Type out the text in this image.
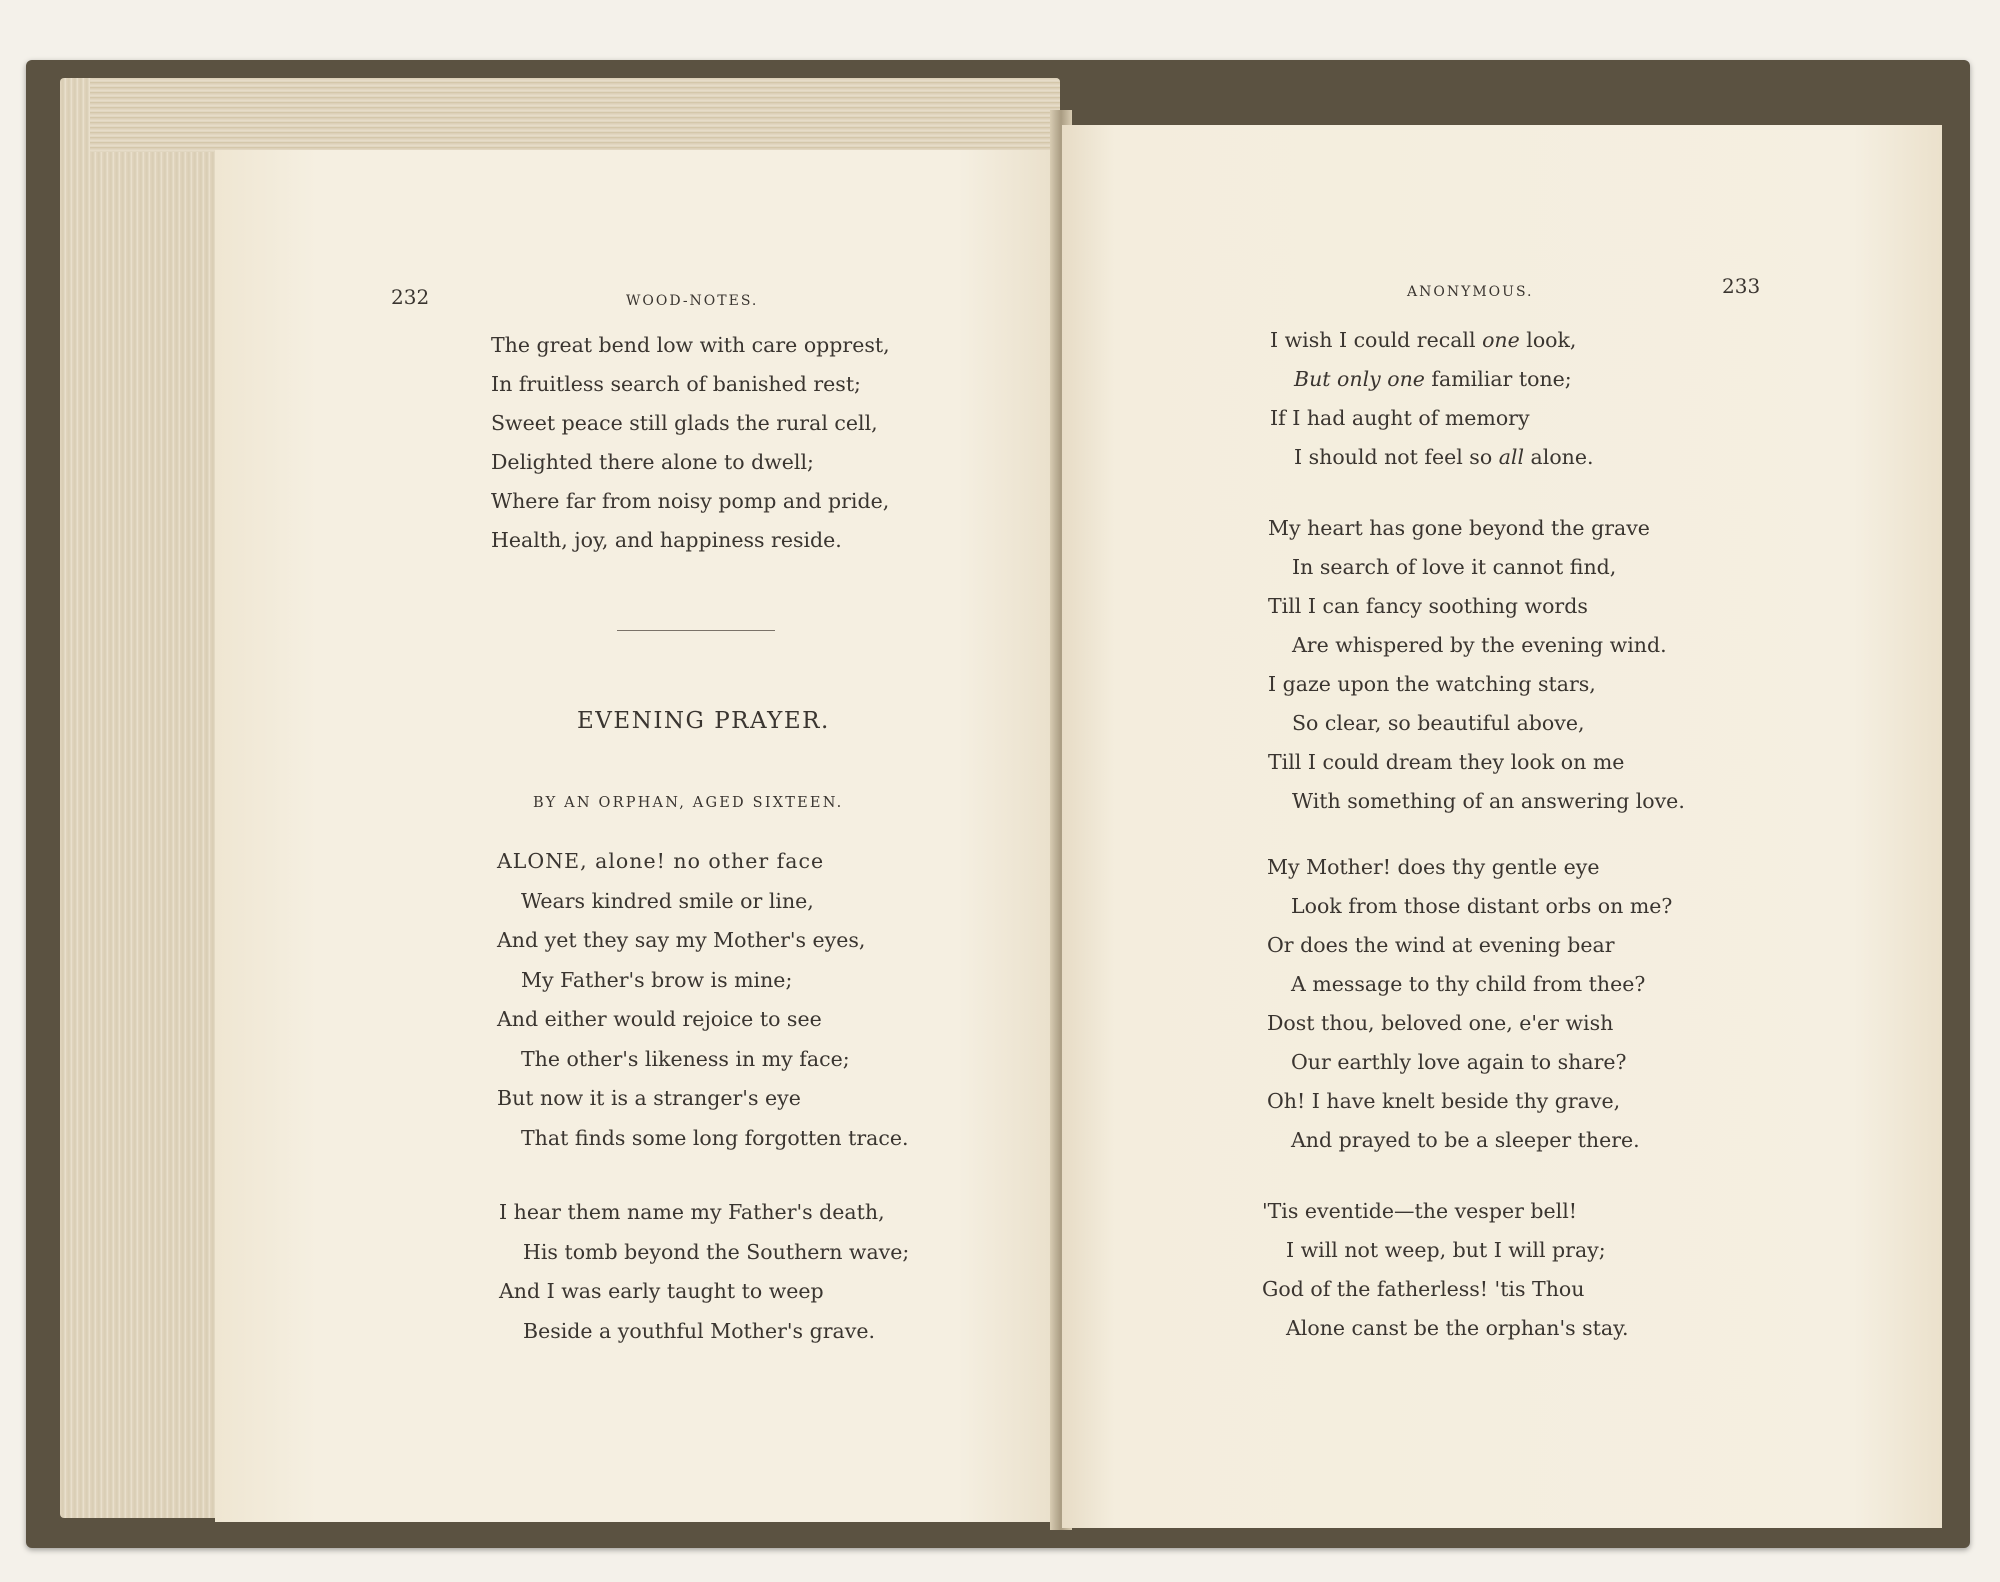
232	WOOD-NOTES.
The great bend low with care opprest,
In fruitless search of banished rest;
Sweet peace still glads the rural cell,
Delighted there alone to dwell;
Where far from noisy pomp and pride,
Health, joy, and happiness reside.
EVENING PRAYER.
BY AN ORPHAN, AGED SIXTEEN.
ALONE, alone! no other face
Wears kindred smile or line,
And yet they say my Mother's eyes,
My Father's brow is mine;
And either would rejoice to see
The other's likeness in my face;
But now it is a stranger's eye
That finds some long forgotten trace.
I hear them name my Father's death,
His tomb beyond the Southern wave;
And I was early taught to weep
Beside a youthful Mother's grave.
ANONYMOUS.	233
I wish I could recall one look,
But only one familiar tone;
If I had aught of memory
I should not feel so all alone.
My heart has gone beyond the grave
In search of love it cannot find,
Till I can fancy soothing words
Are whispered by the evening wind.
I gaze upon the watching stars,
So clear, so beautiful above,
Till I could dream they look on me
With something of an answering love.
My Mother! does thy gentle eye
Look from those distant orbs on me?
Or does the wind at evening bear
A message to thy child from thee?
Dost thou, beloved one, e'er wish
Our earthly love again to share?
Oh! I have knelt beside thy grave,
And prayed to be a sleeper there.
'Tis eventide—the vesper bell!
I will not weep, but I will pray;
God of the fatherless! 'tis Thou
Alone canst be the orphan's stay.
